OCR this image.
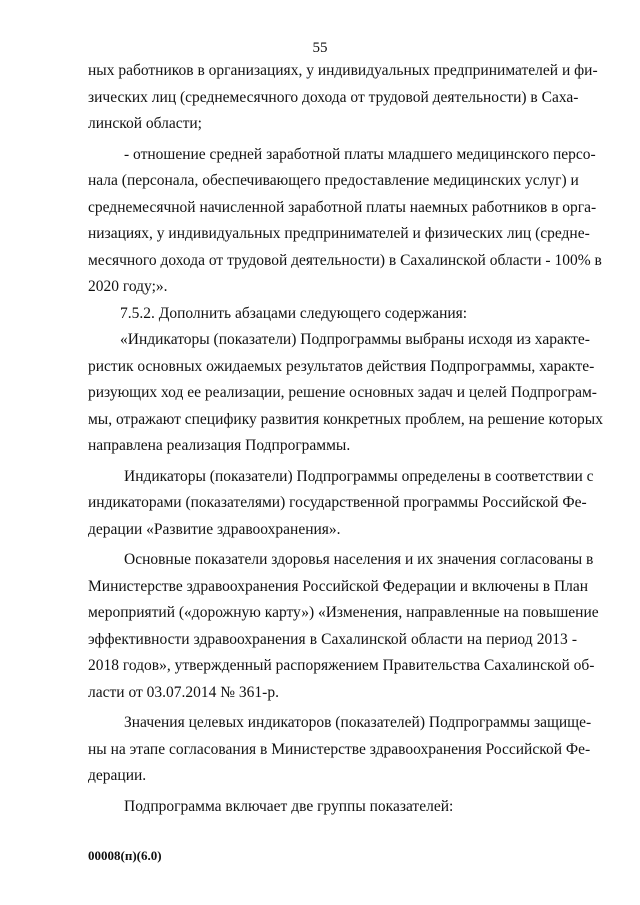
55
ных работников в организациях, у индивидуальных предпринимателей и фи-
зических лиц (среднемесячного дохода от трудовой деятельности) в Саха-
линской области;
- отношение средней заработной платы младшего медицинского персо-
нала (персонала, обеспечивающего предоставление медицинских услуг) и
среднемесячной начисленной заработной платы наемных работников в орга-
низациях, у индивидуальных предпринимателей и физических лиц (средне-
месячного дохода от трудовой деятельности) в Сахалинской области - 100% в
2020 году;».
7.5.2. Дополнить абзацами следующего содержания:
«Индикаторы (показатели) Подпрограммы выбраны исходя из характе-
ристик основных ожидаемых результатов действия Подпрограммы, характе-
ризующих ход ее реализации, решение основных задач и целей Подпрограм-
мы, отражают специфику развития конкретных проблем, на решение которых
направлена реализация Подпрограммы.
Индикаторы (показатели) Подпрограммы определены в соответствии с
индикаторами (показателями) государственной программы Российской Фе-
дерации «Развитие здравоохранения».
Основные показатели здоровья населения и их значения согласованы в
Министерстве здравоохранения Российской Федерации и включены в План
мероприятий («дорожную карту») «Изменения, направленные на повышение
эффективности здравоохранения в Сахалинской области на период 2013 -
2018 годов», утвержденный распоряжением Правительства Сахалинской об-
ласти от 03.07.2014 № 361-р.
Значения целевых индикаторов (показателей) Подпрограммы защище-
ны на этапе согласования в Министерстве здравоохранения Российской Фе-
дерации.
Подпрограмма включает две группы показателей:
00008(п)(6.0)
